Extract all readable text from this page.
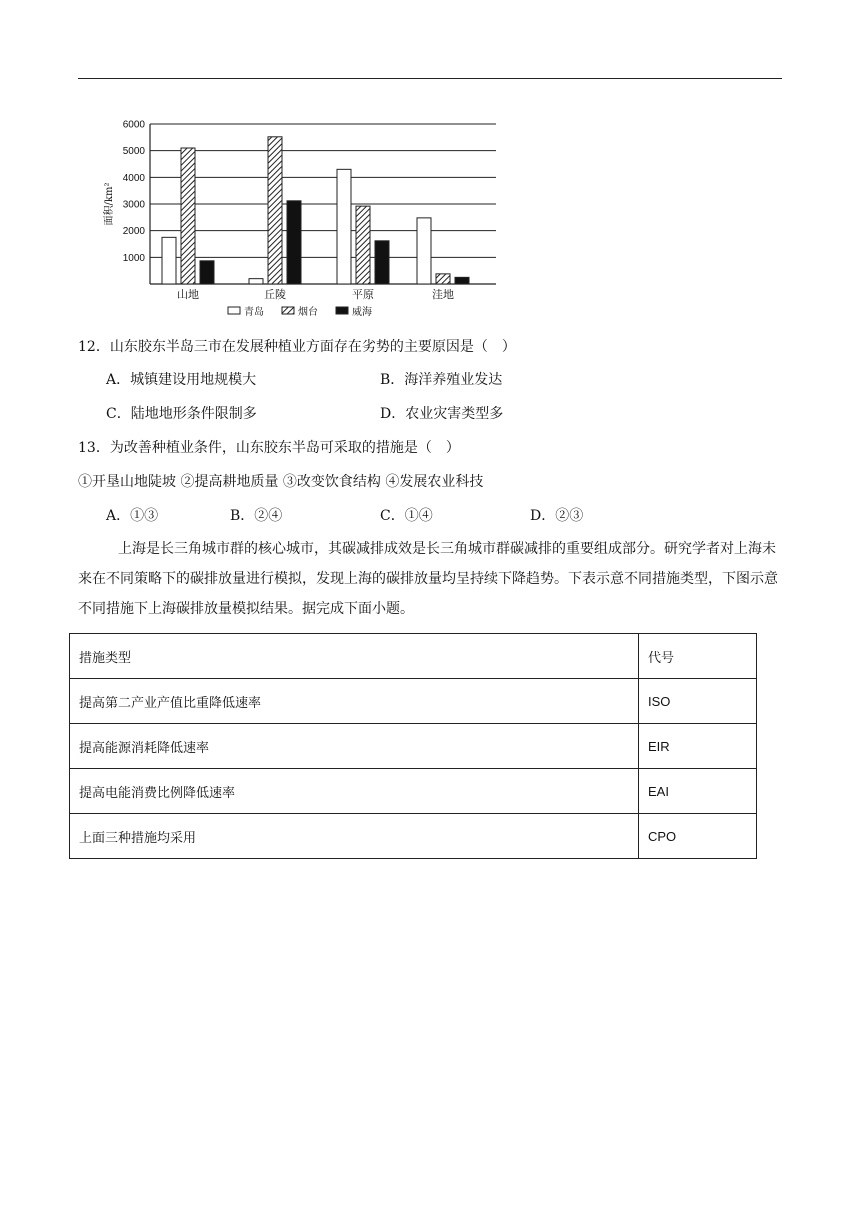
1000
2000
3000
4000
5000
6000
面积/km²
山地	丘陵	平原	洼地
青岛	烟台	威海
12．山东胶东半岛三市在发展种植业方面存在劣势的主要原因是（　）
A．城镇建设用地规模大	B．海洋养殖业发达
C．陆地地形条件限制多	D．农业灾害类型多
13．为改善种植业条件，山东胶东半岛可采取的措施是（　）
①开垦山地陡坡 ②提高耕地质量 ③改变饮食结构 ④发展农业科技
A．①③	B．②④	C．①④	D．②③
上海是长三角城市群的核心城市，其碳减排成效是长三角城市群碳减排的重要组成部分。研究学者对上海未来在不同策略下的碳排放量进行模拟，发现上海的碳排放量均呈持续下降趋势。下表示意不同措施类型，下图示意不同措施下上海碳排放量模拟结果。据完成下面小题。
措施类型	代号
提高第二产业产值比重降低速率	ISO
提高能源消耗降低速率	EIR
提高电能消费比例降低速率	EAI
上面三种措施均采用	CPO
